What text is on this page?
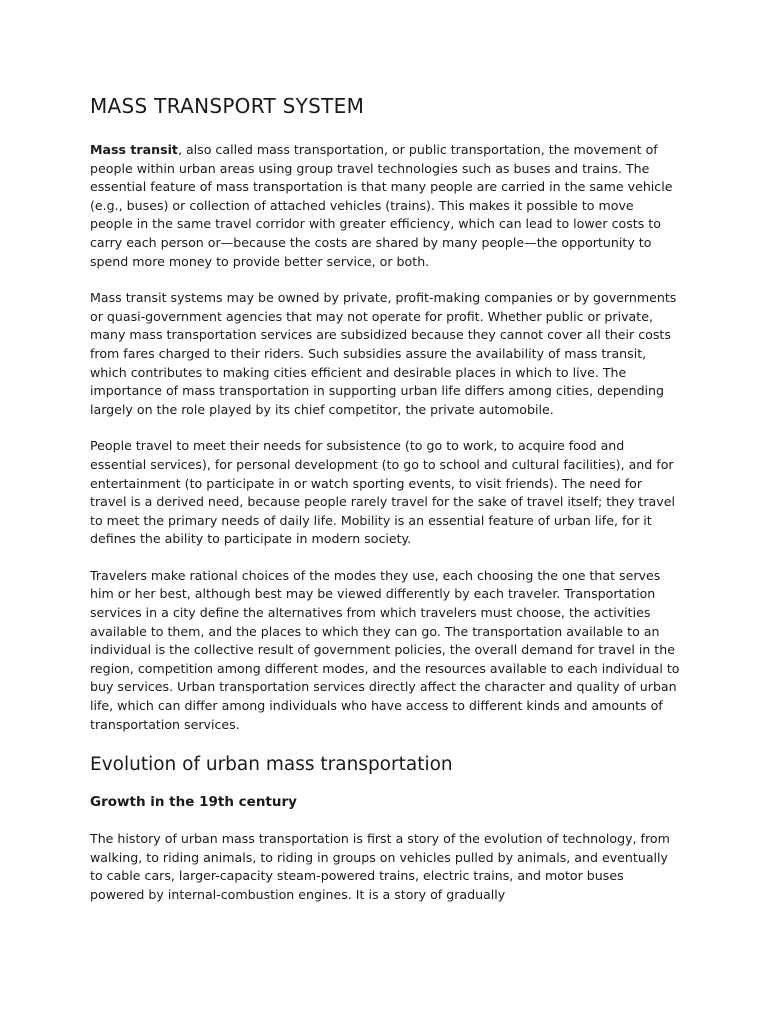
MASS TRANSPORT SYSTEM

Mass transit, also called mass transportation, or public transportation, the movement of people within urban areas using group travel technologies such as buses and trains. The essential feature of mass transportation is that many people are carried in the same vehicle (e.g., buses) or collection of attached vehicles (trains). This makes it possible to move people in the same travel corridor with greater efficiency, which can lead to lower costs to carry each person or—because the costs are shared by many people—the opportunity to spend more money to provide better service, or both.

Mass transit systems may be owned by private, profit-making companies or by governments or quasi-government agencies that may not operate for profit. Whether public or private, many mass transportation services are subsidized because they cannot cover all their costs from fares charged to their riders. Such subsidies assure the availability of mass transit, which contributes to making cities efficient and desirable places in which to live. The importance of mass transportation in supporting urban life differs among cities, depending largely on the role played by its chief competitor, the private automobile.

People travel to meet their needs for subsistence (to go to work, to acquire food and essential services), for personal development (to go to school and cultural facilities), and for entertainment (to participate in or watch sporting events, to visit friends). The need for travel is a derived need, because people rarely travel for the sake of travel itself; they travel to meet the primary needs of daily life. Mobility is an essential feature of urban life, for it defines the ability to participate in modern society.

Travelers make rational choices of the modes they use, each choosing the one that serves him or her best, although best may be viewed differently by each traveler. Transportation services in a city define the alternatives from which travelers must choose, the activities available to them, and the places to which they can go. The transportation available to an individual is the collective result of government policies, the overall demand for travel in the region, competition among different modes, and the resources available to each individual to buy services. Urban transportation services directly affect the character and quality of urban life, which can differ among individuals who have access to different kinds and amounts of transportation services.

Evolution of urban mass transportation
Growth in the 19th century

The history of urban mass transportation is first a story of the evolution of technology, from walking, to riding animals, to riding in groups on vehicles pulled by animals, and eventually to cable cars, larger-capacity steam-powered trains, electric trains, and motor buses powered by internal-combustion engines. It is a story of gradually
